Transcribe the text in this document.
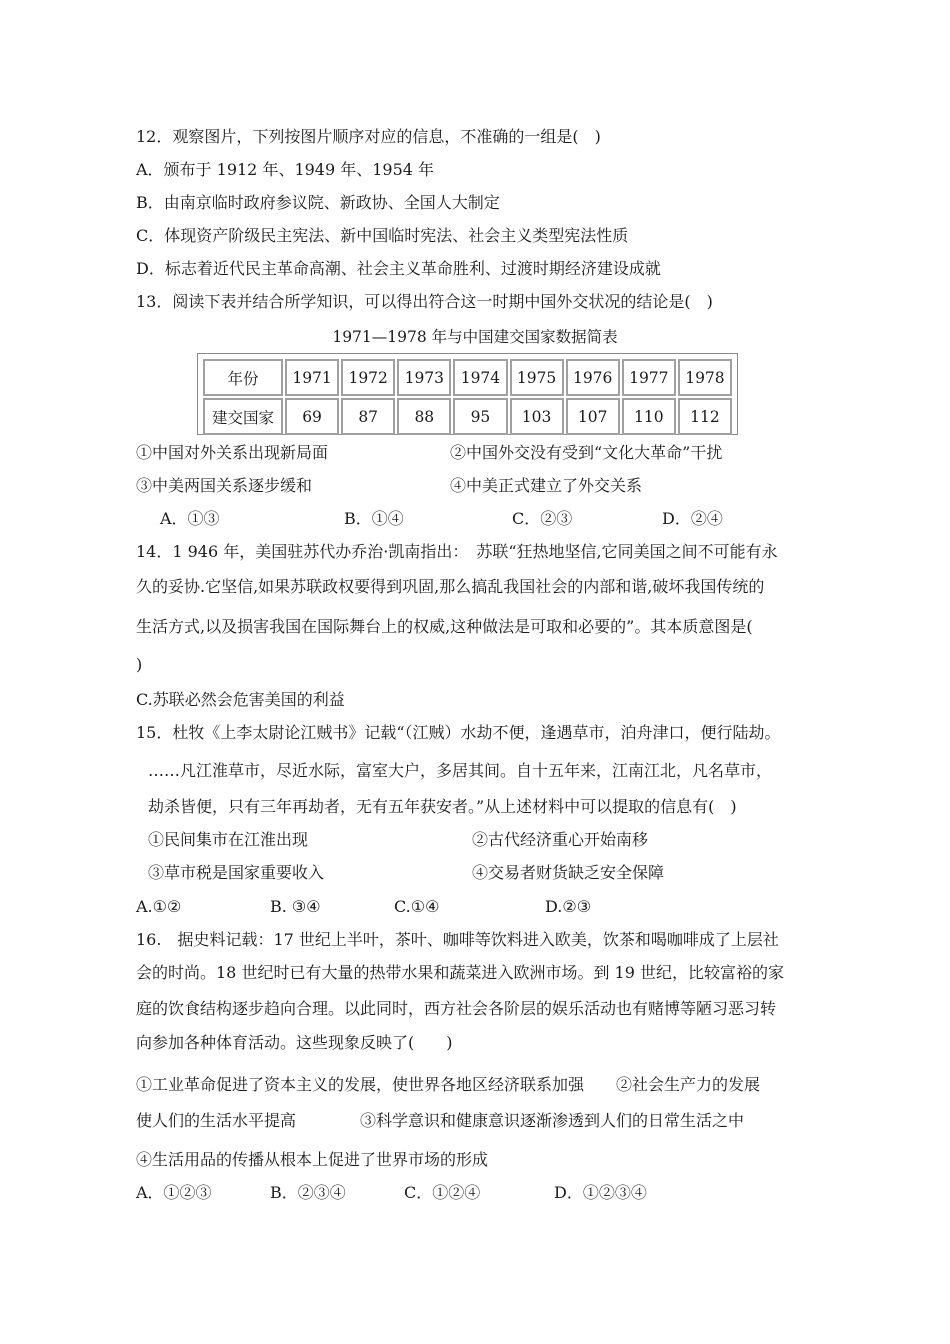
12．观察图片，下列按图片顺序对应的信息，不准确的一组是(　)
A．颁布于 1912 年、1949 年、1954 年
B．由南京临时政府参议院、新政协、全国人大制定
C．体现资产阶级民主宪法、新中国临时宪法、社会主义类型宪法性质
D．标志着近代民主革命高潮、社会主义革命胜利、过渡时期经济建设成就
13．阅读下表并结合所学知识，可以得出符合这一时期中国外交状况的结论是(　)
1971—1978 年与中国建交国家数据简表
年份	1971	1972	1973	1974	1975	1976	1977	1978
建交国家	69	87	88	95	103	107	110	112
①中国对外关系出现新局面	②中国外交没有受到“文化大革命”干扰
③中美两国关系逐步缓和	④中美正式建立了外交关系
A．①③	B．①④	C．②③	D．②④
14．1 946 年，美国驻苏代办乔治·凯南指出：　苏联“狂热地坚信,它同美国之间不可能有永
久的妥协.它坚信,如果苏联政权要得到巩固,那么搞乱我国社会的内部和谐,破坏我国传统的
生活方式,以及损害我国在国际舞台上的权威,这种做法是可取和必要的”。其本质意图是(
)
C.苏联必然会危害美国的利益
15．杜牧《上李太尉论江贼书》记载“（江贼）水劫不便，逢遇草市，泊舟津口，便行陆劫。
……凡江淮草市，尽近水际，富室大户，多居其间。自十五年来，江南江北，凡名草市，
劫杀皆便，只有三年再劫者，无有五年获安者。”从上述材料中可以提取的信息有(　)
①民间集市在江淮出现	②古代经济重心开始南移
③草市税是国家重要收入	④交易者财货缺乏安全保障
A.①②	B. ③④	C.①④	D.②③
16.　据史料记载：17 世纪上半叶，茶叶、咖啡等饮料进入欧美，饮茶和喝咖啡成了上层社
会的时尚。18 世纪时已有大量的热带水果和蔬菜进入欧洲市场。到 19 世纪，比较富裕的家
庭的饮食结构逐步趋向合理。以此同时，西方社会各阶层的娱乐活动也有赌博等陋习恶习转
向参加各种体育活动。这些现象反映了(　　)
①工业革命促进了资本主义的发展，使世界各地区经济联系加强　　②社会生产力的发展
使人们的生活水平提高　　　　③科学意识和健康意识逐渐渗透到人们的日常生活之中
④生活用品的传播从根本上促进了世界市场的形成
A．①②③	B．②③④	C．①②④	D．①②③④
